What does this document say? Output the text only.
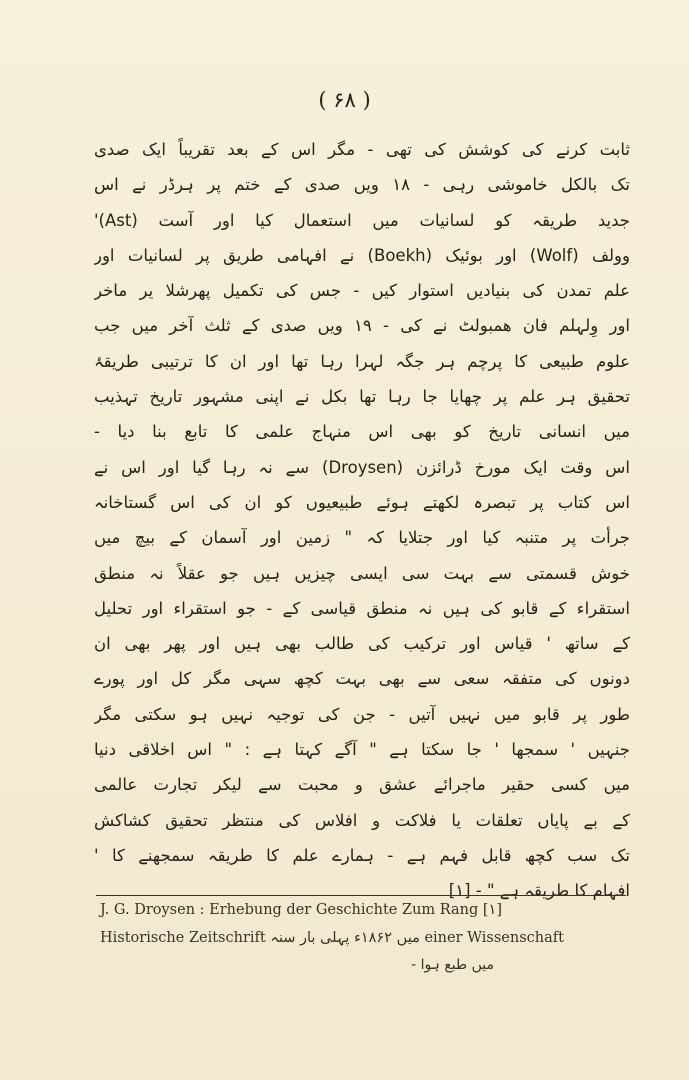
( ۶۸ )
ثابت کرنے کی کوشش کی تھی - مگر اس کے بعد تقریباً ایک صدی
تک بالکل خاموشی رہی - ۱۸ ویں صدی کے ختم پر ہرڈر نے اس
جدید طریقہ کو لسانیات میں استعمال کیا اور آست (Ast)'
وولف (Wolf) اور بوئیک (Boekh) نے افہامی طریق پر لسانیات اور
علم تمدن کی بنیادیں استوار کیں - جس کی تکمیل پھرشلا یر ماخر
اور وِلہلم فان ھمبولٹ نے کی - ۱۹ ویں صدی کے ثلث آخر میں جب
علوم طبیعی کا پرچم ہر جگہ لہرا رہا تھا اور ان کا ترتیبی طریقۂ
تحقیق ہر علم پر چھایا جا رہا تھا بکل نے اپنی مشہور تاریخ تہذیب
میں انسانی تاریخ کو بھی اس منہاج علمی کا تابع بنا دیا -
اس وقت ایک مورخ ڈرائزن (Droysen) سے نہ رہا گیا اور اس نے
اس کتاب پر تبصرہ لکھتے ہوئے طبیعیوں کو ان کی اس گستاخانہ
جرأت پر متنبہ کیا اور جتلایا کہ " زمین اور آسمان کے بیچ میں
خوش قسمتی سے بہت سی ایسی چیزیں ہیں جو عقلاً نہ منطق
استقراء کے قابو کی ہیں نہ منطق قیاسی کے - جو استقراء اور تحلیل
کے ساتھ ' قیاس اور ترکیب کی طالب بھی ہیں اور پھر بھی ان
دونوں کی متفقہ سعی سے بھی بہت کچھ سہی مگر کل اور پورے
طور پر قابو میں نہیں آتیں - جن کی توجیہ نہیں ہو سکتی مگر
جنہیں ' سمجھا ' جا سکتا ہے " آگے کہتا ہے : " اس اخلاقی دنیا
میں کسی حقیر ماجرائے عشق و محبت سے لیکر تجارت عالمی
کے بے پایاں تعلقات یا فلاکت و افلاس کی منتظر تحقیق کشاکش
تک سب کچھ قابل فہم ہے - ہمارے علم کا طریقہ سمجھنے کا '
افہام کا طریقہ ہے " - [۱]
J. G. Droysen : Erhebung der Geschichte Zum Rang [۱]
Historische Zeitschrift میں ۱۸۶۲ء پہلی بار سنہ einer Wissenschaft
میں طبع ہوا -
